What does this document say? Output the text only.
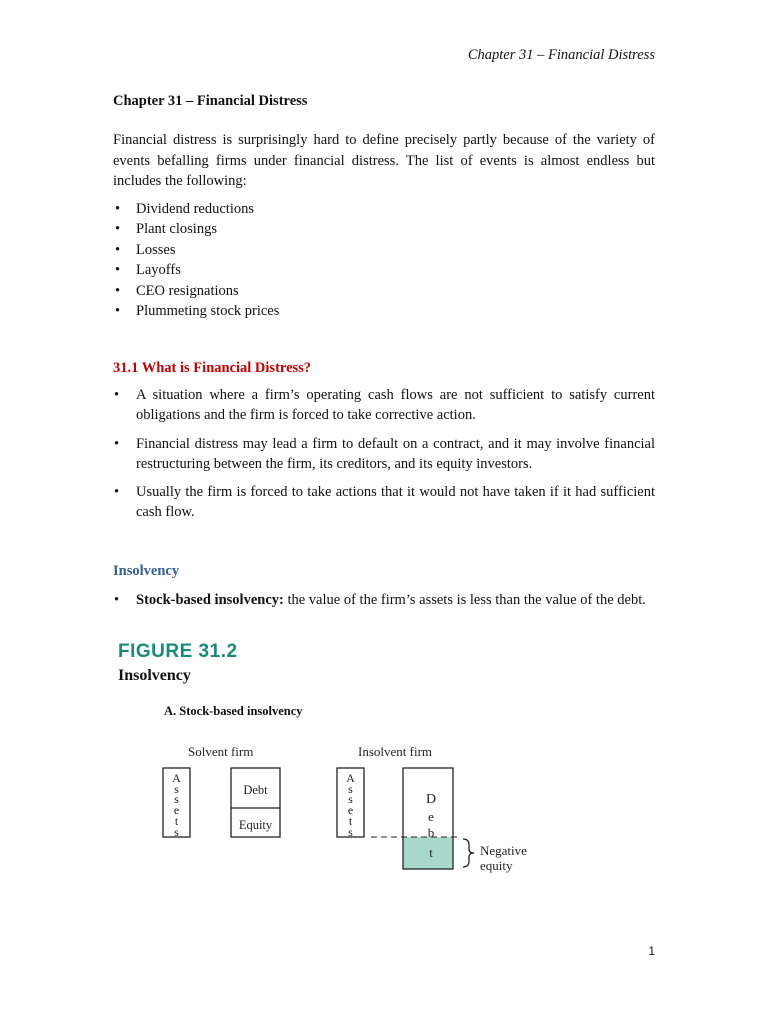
Chapter 31 – Financial Distress
Chapter 31 – Financial Distress

Financial distress is surprisingly hard to define precisely partly because of the variety of events befalling firms under financial distress. The list of events is almost endless but includes the following:

• Dividend reductions
• Plant closings
• Losses
• Layoffs
• CEO resignations
• Plummeting stock prices
31.1 What is Financial Distress?
• A situation where a firm’s operating cash flows are not sufficient to satisfy current obligations and the firm is forced to take corrective action.
• Financial distress may lead a firm to default on a contract, and it may involve financial restructuring between the firm, its creditors, and its equity investors.
• Usually the firm is forced to take actions that it would not have taken if it had sufficient cash flow.
Insolvency
• Stock-based insolvency: the value of the firm’s assets is less than the value of the debt.
FIGURE 31.2
Insolvency
A. Stock-based insolvency
Solvent firm	Insolvent firm
A
s
s
e
t
s
Debt
Equity
A
s
s
e
t
s
D
e
b
t	Negative
equity
1
